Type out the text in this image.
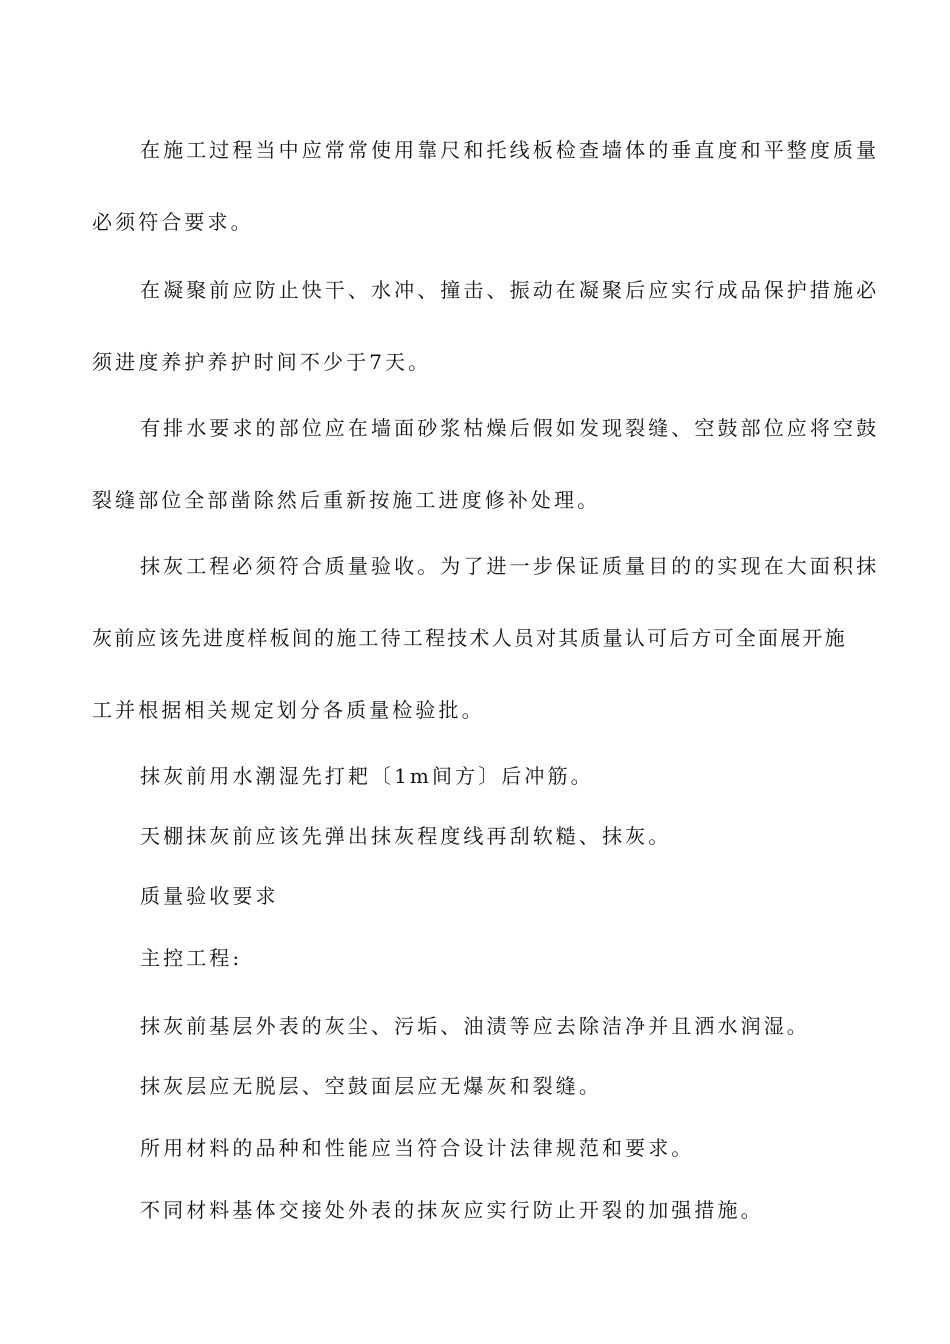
在施工过程当中应常常使用靠尺和托线板检查墙体的垂直度和平整度质量
必须符合要求。
在凝聚前应防止快干、水冲、撞击、振动在凝聚后应实行成品保护措施必
须进度养护养护时间不少于7天。
有排水要求的部位应在墙面砂浆枯燥后假如发现裂缝、空鼓部位应将空鼓
裂缝部位全部凿除然后重新按施工进度修补处理。
抹灰工程必须符合质量验收。为了进一步保证质量目的的实现在大面积抹
灰前应该先进度样板间的施工待工程技术人员对其质量认可后方可全面展开施
工并根据相关规定划分各质量检验批。
抹灰前用水潮湿先打耙〔1m间方〕后冲筋。
天棚抹灰前应该先弹出抹灰程度线再刮软糙、抹灰。
质量验收要求
主控工程:
抹灰前基层外表的灰尘、污垢、油渍等应去除洁净并且洒水润湿。
抹灰层应无脱层、空鼓面层应无爆灰和裂缝。
所用材料的品种和性能应当符合设计法律规范和要求。
不同材料基体交接处外表的抹灰应实行防止开裂的加强措施。
